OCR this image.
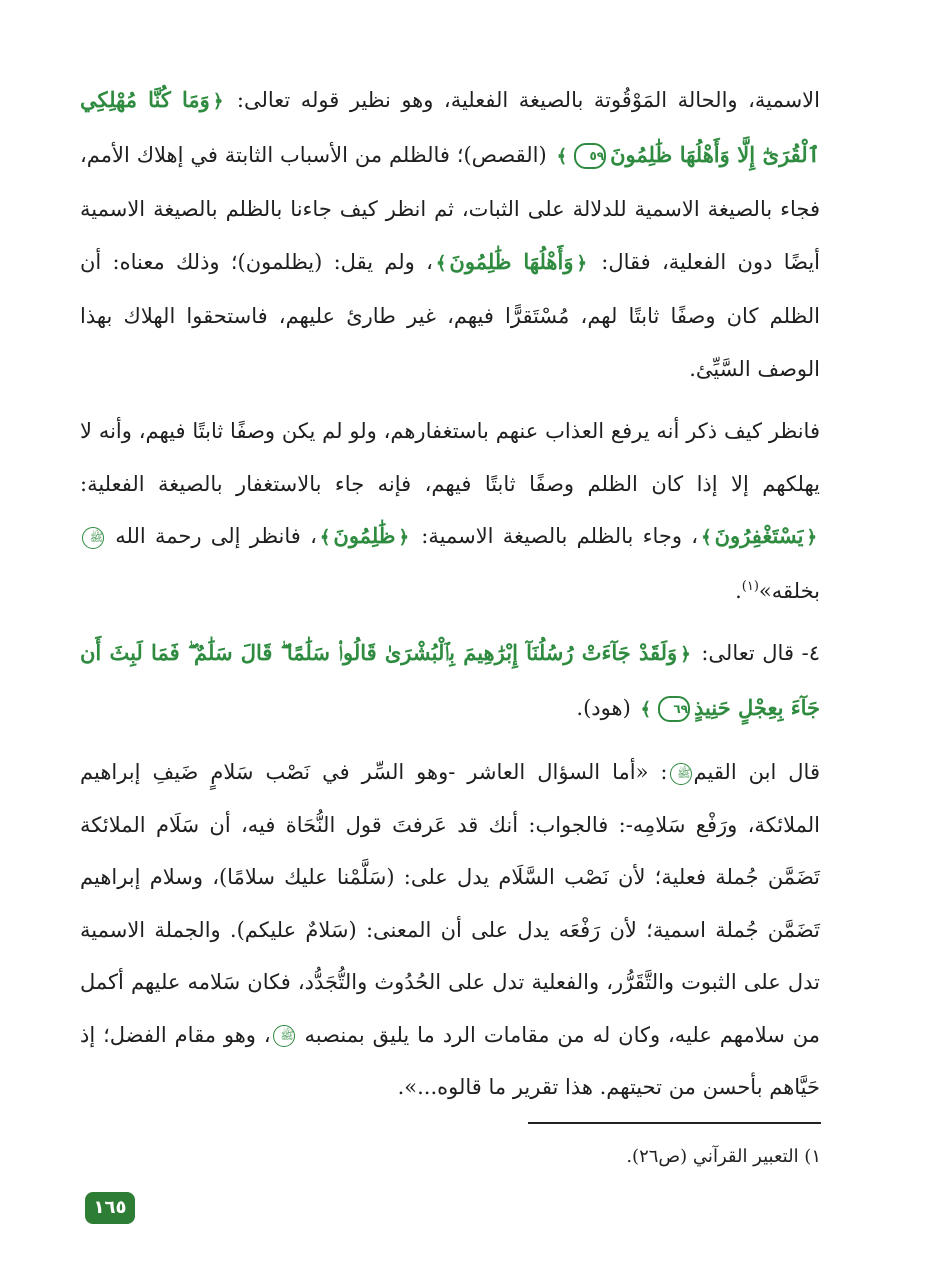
الاسمية، والحالة المَوْقُوتة بالصيغة الفعلية، وهو نظير قوله تعالى: ﴿وَمَا كُنَّا مُهْلِكِي ٱلْقُرَىٰٓ إِلَّا وَأَهْلُهَا ظَٰلِمُونَ٥٩﴾ (القصص)؛ فالظلم من الأسباب الثابتة في إهلاك الأمم، فجاء بالصيغة الاسمية للدلالة على الثبات، ثم انظر كيف جاءنا بالظلم بالصيغة الاسمية أيضًا دون الفعلية، فقال: ﴿وَأَهْلُهَا ظَٰلِمُونَ﴾، ولم يقل: (يظلمون)؛ وذلك معناه: أن الظلم كان وصفًا ثابتًا لهم، مُسْتَقرًّا فيهم، غير طارئ عليهم، فاستحقوا الهلاك بهذا الوصف السَّيِّئ.

فانظر كيف ذكر أنه يرفع العذاب عنهم باستغفارهم، ولو لم يكن وصفًا ثابتًا فيهم، وأنه لا يهلكهم إلا إذا كان الظلم وصفًا ثابتًا فيهم، فإنه جاء بالاستغفار بالصيغة الفعلية: ﴿يَسْتَغْفِرُونَ﴾، وجاء بالظلم بالصيغة الاسمية: ﴿ظَٰلِمُونَ﴾، فانظر إلى رحمة الله ﷺ بخلقه»$^{(١)}$.

٤- قال تعالى: ﴿وَلَقَدْ جَآءَتْ رُسُلُنَآ إِبْرَٰهِيمَ بِٱلْبُشْرَىٰ قَالُوا۟ سَلَٰمًا ۖ قَالَ سَلَٰمٌ ۖ فَمَا لَبِثَ أَن جَآءَ بِعِجْلٍ حَنِيذٍ٦٩﴾ (هود).

قال ابن القيمﷺ: «أما السؤال العاشر -وهو السِّر في نَصْب سَلامٍ ضَيفِ إبراهيم الملائكة، ورَفْع سَلامِه-: فالجواب: أنك قد عَرفتَ قول النُّحَاة فيه، أن سَلَام الملائكة تَضَمَّن جُملة فعلية؛ لأن نَصْب السَّلَام يدل على: (سَلَّمْنا عليك سلامًا)، وسلام إبراهيم تَضَمَّن جُملة اسمية؛ لأن رَفْعَه يدل على أن المعنى: (سَلامٌ عليكم). والجملة الاسمية تدل على الثبوت والتَّقَرُّر، والفعلية تدل على الحُدُوث والتُّجَدُّد، فكان سَلامه عليهم أكمل من سلامهم عليه، وكان له من مقامات الرد ما يليق بمنصبه ﷺ، وهو مقام الفضل؛ إذ حَيَّاهم بأحسن من تحيتهم. هذا تقرير ما قالوه...».

١) التعبير القرآني (ص٢٦).
١٦٥
